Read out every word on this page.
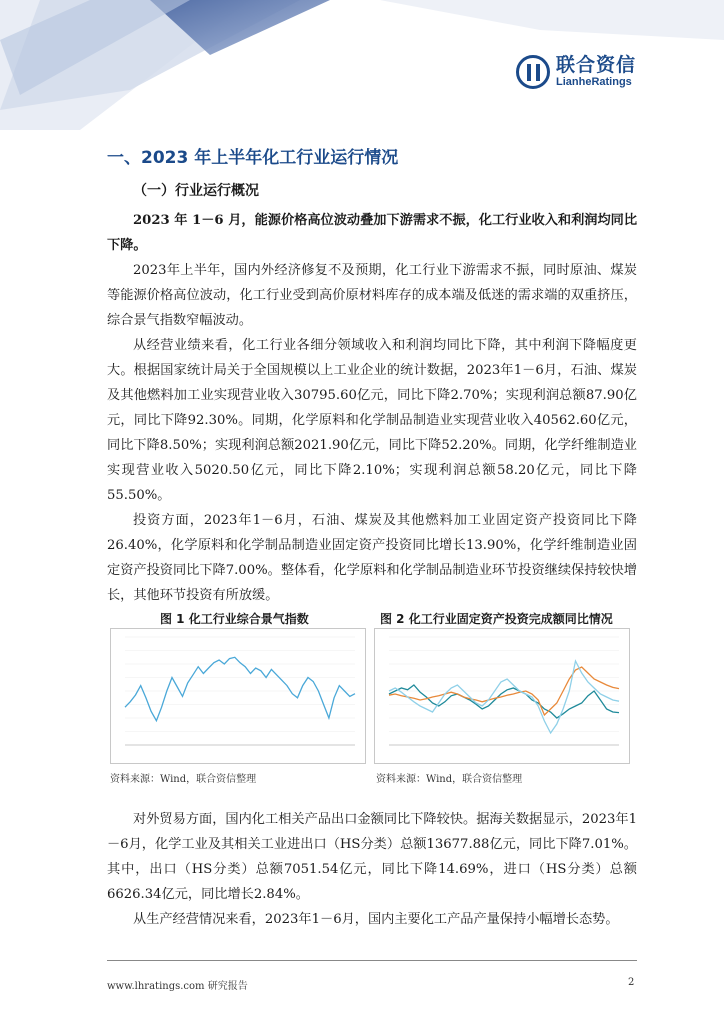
联合资信
LianheRatings
一、2023 年上半年化工行业运行情况
（一）行业运行概况

2023 年 1－6 月，能源价格高位波动叠加下游需求不振，化工行业收入和利润均同比下降。

2023年上半年，国内外经济修复不及预期，化工行业下游需求不振，同时原油、煤炭等能源价格高位波动，化工行业受到高价原材料库存的成本端及低迷的需求端的双重挤压，综合景气指数窄幅波动。

从经营业绩来看，化工行业各细分领域收入和利润均同比下降，其中利润下降幅度更大。根据国家统计局关于全国规模以上工业企业的统计数据，2023年1－6月，石油、煤炭及其他燃料加工业实现营业收入30795.60亿元，同比下降2.70%；实现利润总额87.90亿元，同比下降92.30%。同期，化学原料和化学制品制造业实现营业收入40562.60亿元，同比下降8.50%；实现利润总额2021.90亿元，同比下降52.20%。同期，化学纤维制造业实现营业收入5020.50亿元，同比下降2.10%；实现利润总额58.20亿元，同比下降55.50%。

投资方面，2023年1－6月，石油、煤炭及其他燃料加工业固定资产投资同比下降26.40%，化学原料和化学制品制造业固定资产投资同比增长13.90%，化学纤维制造业固定资产投资同比下降7.00%。整体看，化学原料和化学制品制造业环节投资继续保持较快增长，其他环节投资有所放缓。

图 1 化工行业综合景气指数
资料来源：Wind，联合资信整理
图 2 化工行业固定资产投资完成额同比情况
资料来源：Wind，联合资信整理

对外贸易方面，国内化工相关产品出口金额同比下降较快。据海关数据显示，2023年1－6月，化学工业及其相关工业进出口（HS分类）总额13677.88亿元，同比下降7.01%。其中，出口（HS分类）总额7051.54亿元，同比下降14.69%，进口（HS分类）总额6626.34亿元，同比增长2.84%。

从生产经营情况来看，2023年1－6月，国内主要化工产品产量保持小幅增长态势。

www.lhratings.com 研究报告	2
